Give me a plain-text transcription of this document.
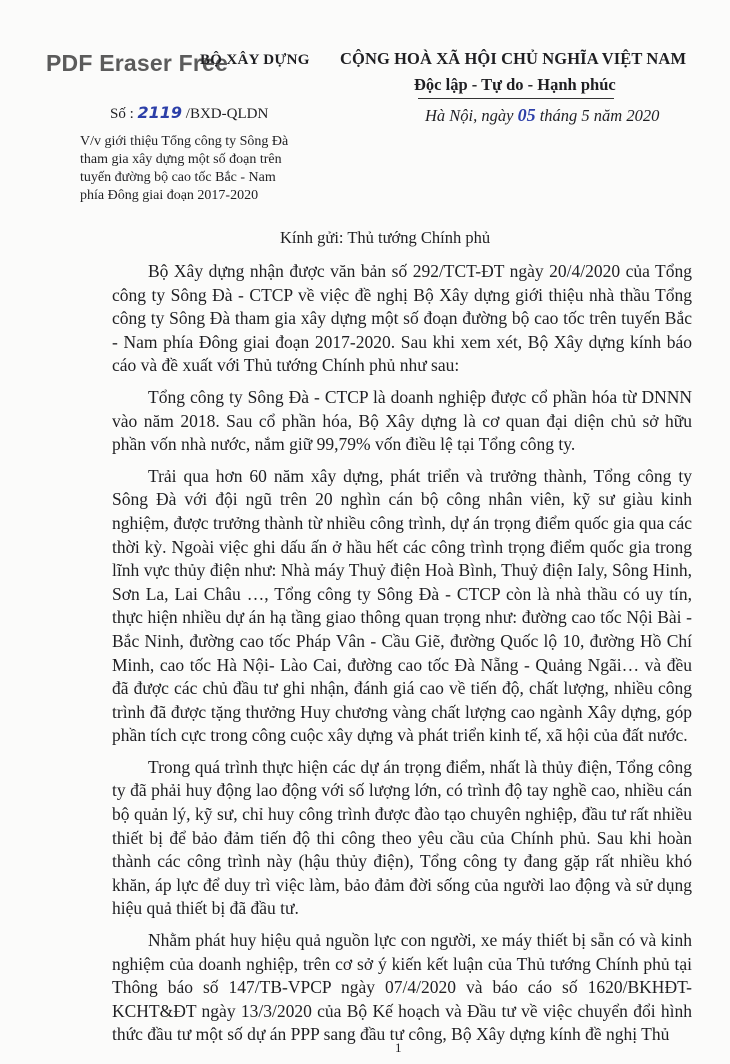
PDF Eraser Free
BỘ XÂY DỰNG CỘNG HOÀ XÃ HỘI CHỦ NGHĨA VIỆT NAM
Độc lập - Tự do - Hạnh phúc
Số : 2119 /BXD-QLDN	Hà Nội, ngày 05 tháng 5 năm 2020
V/v giới thiệu Tổng công ty Sông Đà
tham gia xây dựng một số đoạn trên
tuyến đường bộ cao tốc Bắc - Nam
phía Đông giai đoạn 2017-2020
Kính gửi: Thủ tướng Chính phủ

Bộ Xây dựng nhận được văn bản số 292/TCT-ĐT ngày 20/4/2020 của Tổng công ty Sông Đà - CTCP về việc đề nghị Bộ Xây dựng giới thiệu nhà thầu Tổng công ty Sông Đà tham gia xây dựng một số đoạn đường bộ cao tốc trên tuyến Bắc - Nam phía Đông giai đoạn 2017-2020. Sau khi xem xét, Bộ Xây dựng kính báo cáo và đề xuất với Thủ tướng Chính phủ như sau:

Tổng công ty Sông Đà - CTCP là doanh nghiệp được cổ phần hóa từ DNNN vào năm 2018. Sau cổ phần hóa, Bộ Xây dựng là cơ quan đại diện chủ sở hữu phần vốn nhà nước, nắm giữ 99,79% vốn điều lệ tại Tổng công ty.

Trải qua hơn 60 năm xây dựng, phát triển và trưởng thành, Tổng công ty Sông Đà với đội ngũ trên 20 nghìn cán bộ công nhân viên, kỹ sư giàu kinh nghiệm, được trưởng thành từ nhiều công trình, dự án trọng điểm quốc gia qua các thời kỳ. Ngoài việc ghi dấu ấn ở hầu hết các công trình trọng điểm quốc gia trong lĩnh vực thủy điện như: Nhà máy Thuỷ điện Hoà Bình, Thuỷ điện Ialy, Sông Hinh, Sơn La, Lai Châu …, Tổng công ty Sông Đà - CTCP còn là nhà thầu có uy tín, thực hiện nhiều dự án hạ tầng giao thông quan trọng như: đường cao tốc Nội Bài - Bắc Ninh, đường cao tốc Pháp Vân - Cầu Giẽ, đường Quốc lộ 10, đường Hồ Chí Minh, cao tốc Hà Nội- Lào Cai, đường cao tốc Đà Nẵng - Quảng Ngãi… và đều đã được các chủ đầu tư ghi nhận, đánh giá cao về tiến độ, chất lượng, nhiều công trình đã được tặng thưởng Huy chương vàng chất lượng cao ngành Xây dựng, góp phần tích cực trong công cuộc xây dựng và phát triển kinh tế, xã hội của đất nước.

Trong quá trình thực hiện các dự án trọng điểm, nhất là thủy điện, Tổng công ty đã phải huy động lao động với số lượng lớn, có trình độ tay nghề cao, nhiều cán bộ quản lý, kỹ sư, chỉ huy công trình được đào tạo chuyên nghiệp, đầu tư rất nhiều thiết bị để bảo đảm tiến độ thi công theo yêu cầu của Chính phủ. Sau khi hoàn thành các công trình này (hậu thủy điện), Tổng công ty đang gặp rất nhiều khó khăn, áp lực để duy trì việc làm, bảo đảm đời sống của người lao động và sử dụng hiệu quả thiết bị đã đầu tư.

Nhằm phát huy hiệu quả nguồn lực con người, xe máy thiết bị sẵn có và kinh nghiệm của doanh nghiệp, trên cơ sở ý kiến kết luận của Thủ tướng Chính phủ tại Thông báo số 147/TB-VPCP ngày 07/4/2020 và báo cáo số 1620/BKHĐT-KCHT&ĐT ngày 13/3/2020 của Bộ Kế hoạch và Đầu tư về việc chuyển đổi hình thức đầu tư một số dự án PPP sang đầu tư công, Bộ Xây dựng kính đề nghị Thủ

1
